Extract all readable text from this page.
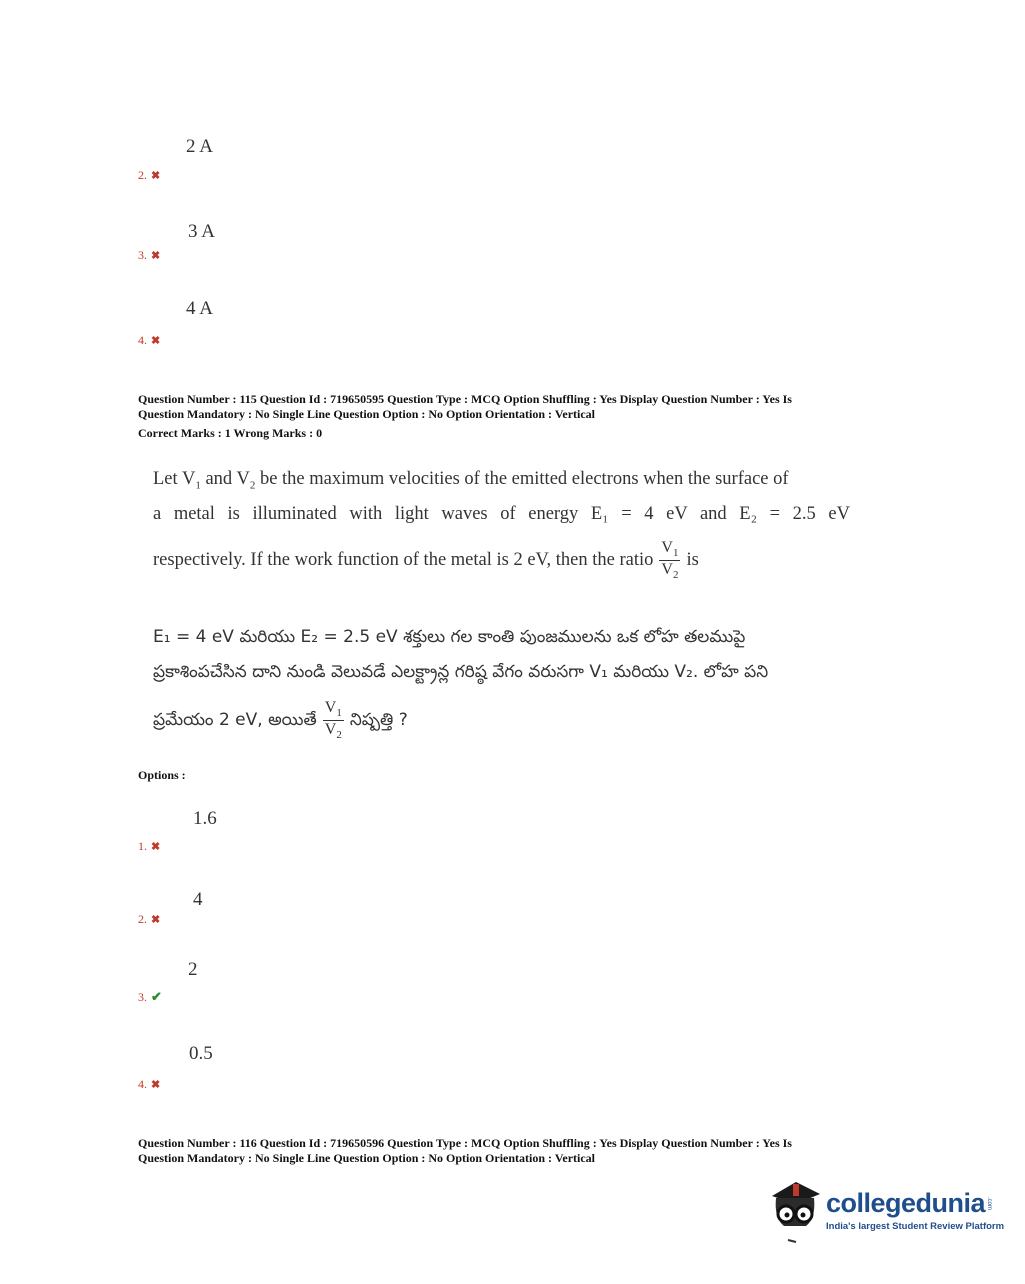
2 A
2. ✖
3 A
3. ✖
4 A
4. ✖
Question Number : 115 Question Id : 719650595 Question Type : MCQ Option Shuffling : Yes Display Question Number : Yes Is
Question Mandatory : No Single Line Question Option : No Option Orientation : Vertical
Correct Marks : 1 Wrong Marks : 0
Let $V_1$ and $V_2$ be the maximum velocities of the emitted electrons when the surface of
a metal is illuminated with light waves of energy E₁ = 4 eV and E₂ = 2.5 eV
respectively. If the work function of the metal is 2 eV, then the ratio $\frac{V_1}{V_2}$ is
E₁ = 4 eV మరియు E₂ = 2.5 eV శక్తులు గల కాంతి పుంజములను ఒక లోహ తలముపై
ప్రకాశింపచేసిన దాని నుండి వెలువడే ఎలక్ట్రాన్ల గరిష్ఠ వేగం వరుసగా V₁ మరియు V₂. లోహ పని
ప్రమేయం 2 eV, అయితే $\frac{V_1}{V_2}$ నిష్పత్తి ?
Options :
1.6
1. ✖
4
2. ✖
2
3. ✔
0.5
4. ✖
Question Number : 116 Question Id : 719650596 Question Type : MCQ Option Shuffling : Yes Display Question Number : Yes Is
Question Mandatory : No Single Line Question Option : No Option Orientation : Vertical
collegedunia .com
India's largest Student Review Platform
